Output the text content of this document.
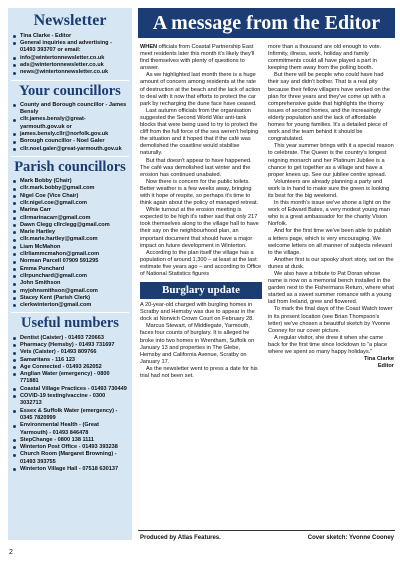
Newsletter
Tina Clarke - Editor
General inquiries and advertising - 01493 393707 or email:
info@wintertonnewsletter.co.uk
ads@wintertonnewsletter.co.uk
news@wintertonnewsletter.co.uk
Your councillors
County and Borough councillor - James Bensly
cllr.james.bensly@great-yarmouth.gov.uk or
james.bensly.cllr@norfolk.gov.uk
Borough councillor - Noel Galer
cllr.noel.galer@great-yarmouth.gov.uk
Parish councillors
Mark Bobby (Chair)
cllr.mark.bobby@gmail.com
Nigel Coe (Vice Chair)
cllr.nigel.coe@gmail.com
Marina Carr
cllrmarinacarr@gmail.com
Dawn Clegg cllrclegg@gmail.com
Marie Hartley
cllr.marie.hartley@gmail.com
Liam McMahon
cllrliammcmahon@gmail.com
Norman Parcell 07909 591295
Emma Punchard
cllrpunchard@gmail.com
John Smithson
myjohnsmithson@gmail.com
Stacey Kent (Parish Clerk)
clerkwinterton@gmail.com
Useful numbers
Dentist (Caister) - 01493 720663
Pharmacy (Hemsby) - 01493 731697
Vets (Caister) - 01493 809766
Samaritans - 116 123
Age Connected - 01493 262052
Anglian Water (emergency) - 0800 771881
Coastal Village Practices - 01493 730449
COVID-19 testing/vaccine - 0300 3032713
Essex & Suffolk Water (emergency) - 0345 7820999
Environmental Health - (Great Yarmouth) - 01493 846478
StepChange - 0800 138 1111
Winterton Post Office - 01493 393238
Church Room (Margaret Browning) - 01493 393755
Winterton Village Hall - 07518 630137
A message from the Editor

WHEN officials from Coastal Partnership East meet residents later this month it's likely they'll find themselves with plenty of questions to answer.

As we highlighted last month there is a huge amount of concern among residents at the rate of destruction at the beach and the lack of action to deal with it now that efforts to protect the car park by recharging the dune face have ceased.

Last autumn officials from the organisation suggested the Second World War anti-tank blocks that were being used to try to protect the cliff from the full force of the sea weren't helping the situation and it hoped that if the café was demolished the coastline would stabilise naturally.

But that doesn't appear to have happened. The café was demolished last winter and the erosion has continued unabated.

Now there is concern for the public toilets. Better weather is a few weeks away, bringing with it hope of respite, so perhaps it's time to think again about the policy of managed retreat.

While turnout at the erosion meeting is expected to be high it's rather sad that only 217 took themselves along to the village hall to have their say on the neighbourhood plan, an important document that should have a major impact on future development in Winterton.

According to the plan itself the village has a population of around 1,300 – at least at the last estimate five years ago – and according to Office of National Statistics figures

Burglary update

A 20-year-old charged with burgling homes in Scratby and Hemsby was due to appear in the dock at Norwich Crown Court on February 28.

Marcus Stewart, of Middlegate, Yarmouth, faces four counts of burglary. It is alleged he broke into two homes in Wrentham, Suffolk on January 13 and properties in The Glebe, Hemsby and California Avenue, Scratby on January 17.

As the newsletter went to press a date for his trial had not been set.

more than a thousand are old enough to vote. Infirmity, illness, work, holiday and family commitments could all have played a part in keeping them away from the polling booth.

But there will be people who could have had their say and didn't bother. That is a real pity because their fellow villagers have worked on the plan for three years and they've come up with a comprehensive guide that highlights the thorny issues of second homes, and the increasingly elderly population and the lack of affordable homes for young families. It's a detailed piece of work and the team behind it should be congratulated.

This year summer brings with it a special reason to celebrate. The Queen is the country's longest reigning monarch and her Platinum Jubilee is a chance to get together as a village and have a proper knees up. See our jubilee centre spread.

Volunteers are already planning a party and work is in hand to make sure the green is looking its best for the big weekend.

In this month's issue we've shone a light on the work of Edward Bates, a very modest young man who is a great ambassador for the charity Vision Norfolk.

And for the first time we've been able to publish a letters page, which is very encouraging. We welcome letters on all manner of subjects relevant to the village.

Another first is our spooky short story, set on the dunes at dusk.

We also have a tribute to Pat Doran whose name is now on a memorial bench installed in the garden next to the Fishermans Return, where what started as a sweet summer romance with a young lad from Ireland, grew and flowered.

To mark the final days of the Coast Watch tower in its present location (see Brian Thompson's letter) we've chosen a beautiful sketch by Yvonne Cooney for our cover picture.

A regular visitor, she drew it when she came back for the first time since lockdown to “a place where we spent so many happy holidays.”

Tina Clarke

Editor

Produced by Atlas Features.	Cover sketch: Yvonne Cooney
2
